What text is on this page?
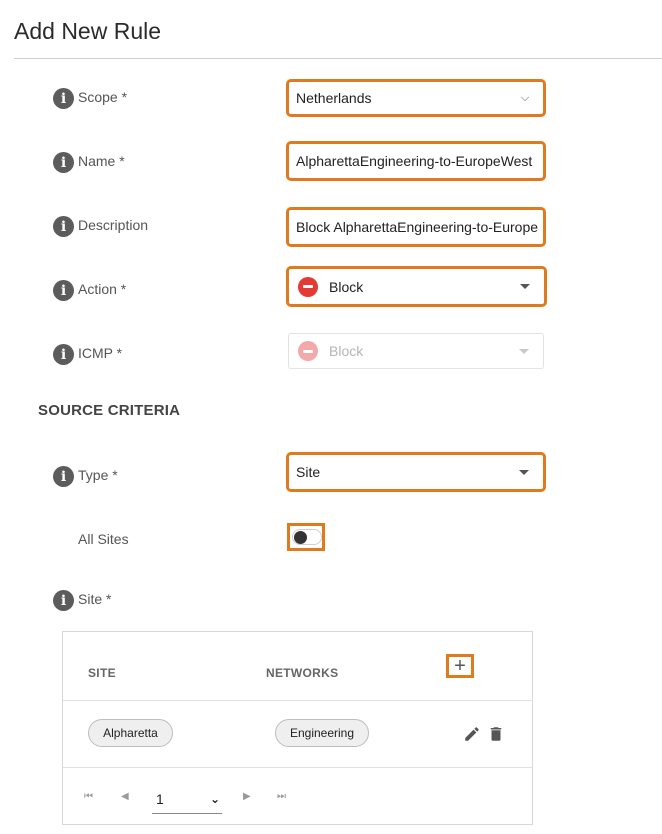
Add New Rule
i Scope *	Netherlands	⌵
i Name *	AlpharettaEngineering-to-EuropeWest
i Description	Block AlpharettaEngineering-to-Europe
i Action *	Block
i ICMP *	Block
SOURCE CRITERIA
i Type *	Site
All Sites
i Site *
SITE	NETWORKS	+
Alpharetta	Engineering
⏮	◀ 1	⌄ ▶	⏭
